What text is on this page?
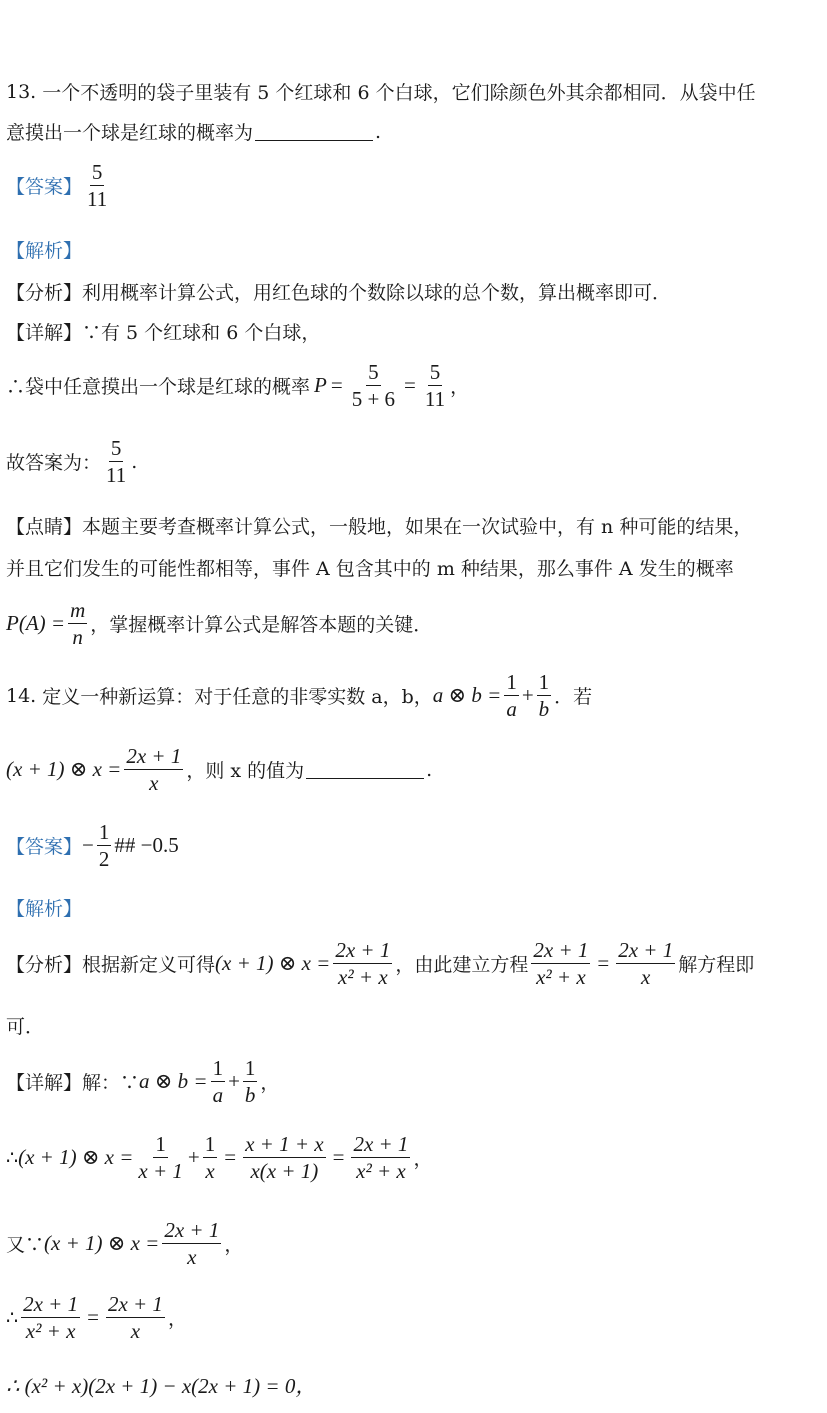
13.
一个不透明的袋子里装有 5 个红球和 6 个白球，它们除颜色外其余都相同．从袋中任
意摸出一个球是红球的概率为	.
【答案】 $\frac{5}{11}$
【解析】
【分析】 利用概率计算公式，用红色球的个数除以球的总个数，算出概率即可．
【详解】 ∵有 5 个红球和 6 个白球，
∴袋中任意摸出一个球是红球的概率 $P = \frac{5}{5 + 6} = \frac{5}{11}$ ，
故答案为： $\frac{5}{11}$ .
【点睛】 本题主要考查概率计算公式，一般地，如果在一次试验中，有 n 种可能的结果，
并且它们发生的可能性都相等，事件 A 包含其中的 m 种结果，那么事件 A 发生的概率
$P(A) = \frac{m}{n}$ ，掌握概率计算公式是解答本题的关键．
14.
定义一种新运算：对于任意的非零实数 a，b， a ⊗ $b = \frac{1}{a} + \frac{1}{b}$ ．若
(x + 1) ⊗ $x = \frac{2x + 1}{x}$ ，则 x 的值为	.
【答案】 − $\frac{1}{2}$ ## −0.5
【解析】
【分析】 根据新定义可得 (x + 1) ⊗ $x = \frac{2x + 1}{\text{x² + x}}$ ，由此建立方程 $\frac{2x + 1}{\text{x² + x}} = \frac{2x + 1}{x}$ 解方程即
可．
【详解】 解：∵ a ⊗ $b = \frac{1}{a} + \frac{1}{b}$ ，
∴ (x + 1) ⊗ $x = \frac{1}{x + 1} + \frac{1}{x} = \frac{x + 1 + x}{x(x + 1)} = \frac{2x + 1}{\text{x² + x}}$ ，
又∵ (x + 1) ⊗ $x = \frac{2x + 1}{x}$ ，
∴ $\frac{2x + 1}{\text{x² + x}} = \frac{2x + 1}{x}$ ，
∴ (x² + x)(2x + 1) − x(2x + 1) = 0，
